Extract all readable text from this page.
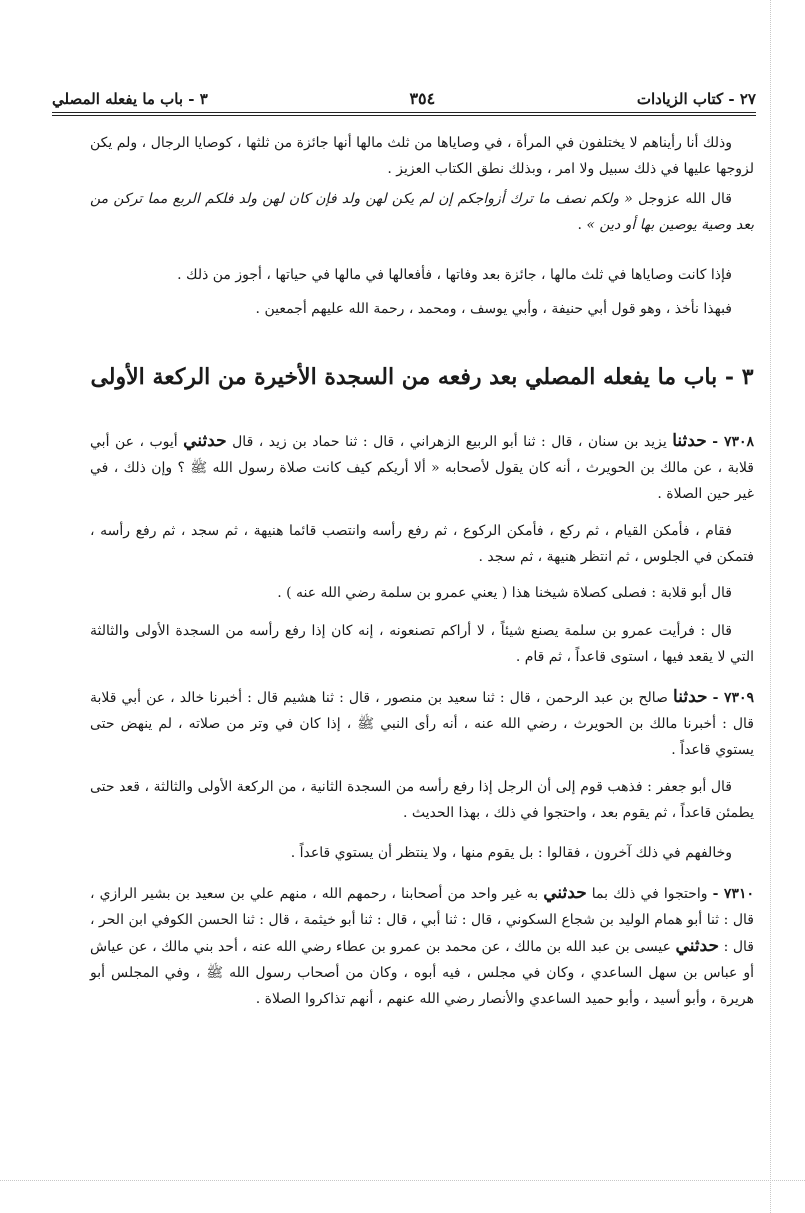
٢٧ - كتاب الزيادات
٣٥٤
٣ - باب ما يفعله المصلي

وذلك أنا رأيناهم لا يختلفون في المرأة ، في وصاياها من ثلث مالها أنها جائزة من ثلثها ، كوصايا الرجال ، ولم يكن لزوجها عليها في ذلك سبيل ولا امر ، وبذلك نطق الكتاب العزيز .

قال الله عزوجل « ولكم نصف ما ترك أزواجكم إن لم يكن لهن ولد فإن كان لهن ولد فلكم الربع مما تركن من بعد وصية يوصين بها أو دين » .

فإذا كانت وصاياها في ثلث مالها ، جائزة بعد وفاتها ، فأفعالها في مالها في حياتها ، أجوز من ذلك .

فبهذا نأخذ ، وهو قول أبي حنيفة ، وأبي يوسف ، ومحمد ، رحمة الله عليهم أجمعين .

٣ - باب ما يفعله المصلي بعد رفعه من السجدة الأخيرة من الركعة الأولى

٧٣٠٨ - حدثنا يزيد بن سنان ، قال : ثنا أبو الربيع الزهراني ، قال : ثنا حماد بن زيد ، قال حدثني أيوب ، عن أبي قلابة ، عن مالك بن الحويرث ، أنه كان يقول لأصحابه « ألا أريكم كيف كانت صلاة رسول الله ﷺ ؟ وإن ذلك ، في غير حين الصلاة .

فقام ، فأمكن القيام ، ثم ركع ، فأمكن الركوع ، ثم رفع رأسه وانتصب قائما هنيهة ، ثم سجد ، ثم رفع رأسه ، فتمكن في الجلوس ، ثم انتظر هنيهة ، ثم سجد .

قال أبو قلابة : فصلى كصلاة شيخنا هذا ( يعني عمرو بن سلمة رضي الله عنه ) .

قال : فرأيت عمرو بن سلمة يصنع شيئاً ، لا أراكم تصنعونه ، إنه كان إذا رفع رأسه من السجدة الأولى والثالثة التي لا يقعد فيها ، استوى قاعداً ، ثم قام .

٧٣٠٩ - حدثنا صالح بن عبد الرحمن ، قال : ثنا سعيد بن منصور ، قال : ثنا هشيم قال : أخبرنا خالد ، عن أبي قلابة قال : أخبرنا مالك بن الحويرث ، رضي الله عنه ، أنه رأى النبي ﷺ ، إذا كان في وتر من صلاته ، لم ينهض حتى يستوي قاعداً .

قال أبو جعفر : فذهب قوم إلى أن الرجل إذا رفع رأسه من السجدة الثانية ، من الركعة الأولى والثالثة ، قعد حتى يطمئن قاعداً ، ثم يقوم بعد ، واحتجوا في ذلك ، بهذا الحديث .

وخالفهم في ذلك آخرون ، فقالوا : بل يقوم منها ، ولا ينتظر أن يستوي قاعداً .

٧٣١٠ - واحتجوا في ذلك بما حدثني به غير واحد من أصحابنا ، رحمهم الله ، منهم علي بن سعيد بن بشير الرازي ، قال : ثنا أبو همام الوليد بن شجاع السكوني ، قال : ثنا أبي ، قال : ثنا أبو خيثمة ، قال : ثنا الحسن الكوفي ابن الحر ، قال : حدثني عيسى بن عبد الله بن مالك ، عن محمد بن عمرو بن عطاء رضي الله عنه ، أحد بني مالك ، عن عياش أو عباس بن سهل الساعدي ، وكان في مجلس ، فيه أبوه ، وكان من أصحاب رسول الله ﷺ ، وفي المجلس أبو هريرة ، وأبو أسيد ، وأبو حميد الساعدي والأنصار رضي الله عنهم ، أنهم تذاكروا الصلاة .
